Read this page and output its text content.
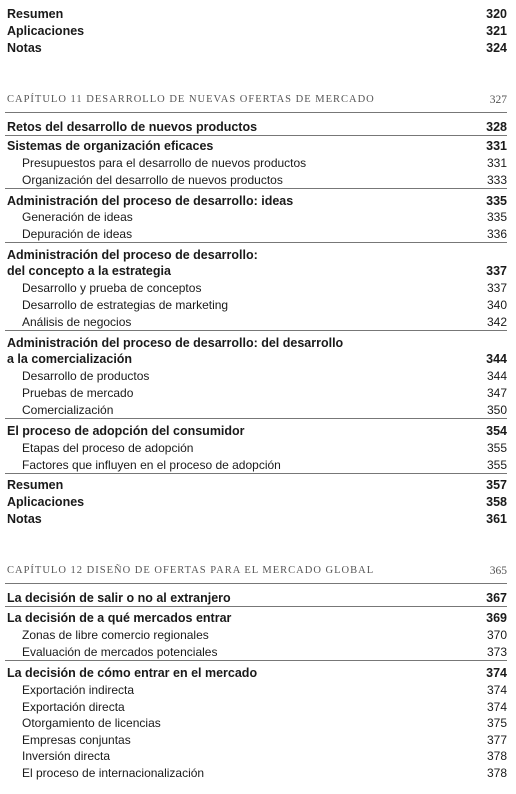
Resumen	320
Aplicaciones	321
Notas	324
CAPÍTULO 11 DESARROLLO DE NUEVAS OFERTAS DE MERCADO	327
Retos del desarrollo de nuevos productos	328
Sistemas de organización eficaces	331
Presupuestos para el desarrollo de nuevos productos	331
Organización del desarrollo de nuevos productos	333
Administración del proceso de desarrollo: ideas	335
Generación de ideas	335
Depuración de ideas	336
Administración del proceso de desarrollo:
del concepto a la estrategia	337
Desarrollo y prueba de conceptos	337
Desarrollo de estrategias de marketing	340
Análisis de negocios	342
Administración del proceso de desarrollo: del desarrollo
a la comercialización	344
Desarrollo de productos	344
Pruebas de mercado	347
Comercialización	350
El proceso de adopción del consumidor	354
Etapas del proceso de adopción	355
Factores que influyen en el proceso de adopción	355
Resumen	357
Aplicaciones	358
Notas	361
CAPÍTULO 12 DISEÑO DE OFERTAS PARA EL MERCADO GLOBAL	365
La decisión de salir o no al extranjero	367
La decisión de a qué mercados entrar	369
Zonas de libre comercio regionales	370
Evaluación de mercados potenciales	373
La decisión de cómo entrar en el mercado	374
Exportación indirecta	374
Exportación directa	374
Otorgamiento de licencias	375
Empresas conjuntas	377
Inversión directa	378
El proceso de internacionalización	378
